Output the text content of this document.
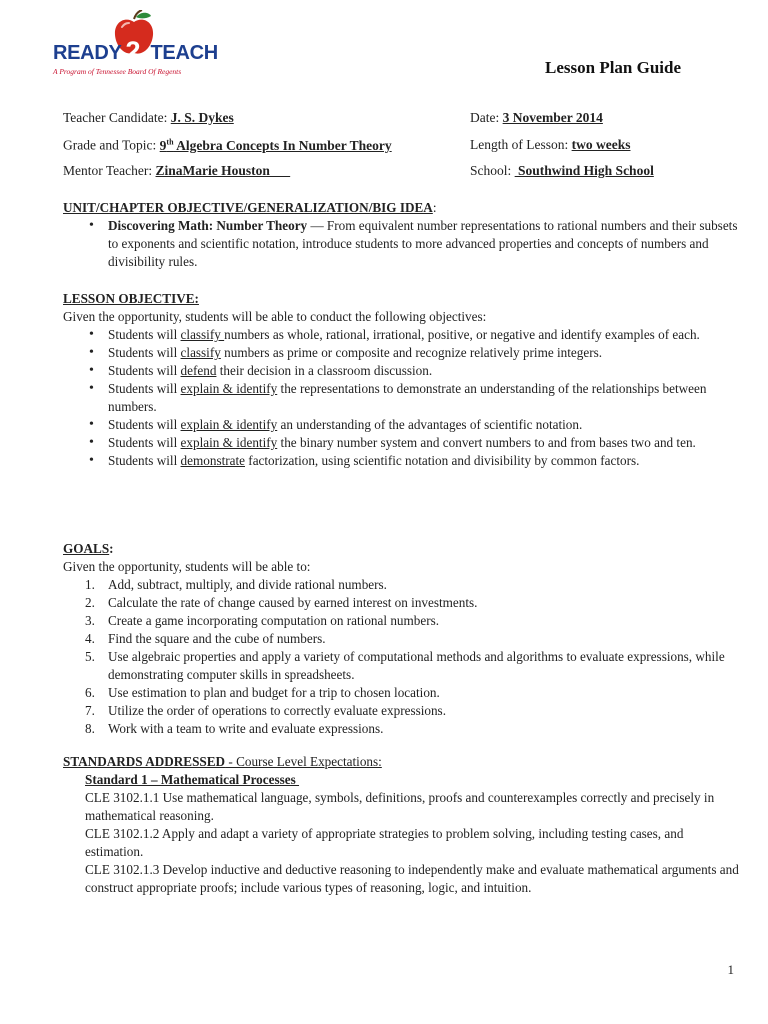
2
READY TEACH
A Program of Tennessee Board Of Regents	Lesson Plan Guide
Teacher Candidate: J. S. Dykes	Date: 3 November 2014
Grade and Topic: 9th Algebra Concepts In Number Theory	Length of Lesson: two weeks
Mentor Teacher: ZinaMarie Houston	School:  Southwind High School
UNIT/CHAPTER OBJECTIVE/GENERALIZATION/BIG IDEA:
• Discovering Math: Number Theory — From equivalent number representations to rational numbers and their subsets to exponents and scientific notation, introduce students to more advanced properties and concepts of numbers and divisibility rules.
LESSON OBJECTIVE:
Given the opportunity, students will be able to conduct the following objectives:
• Students will classify numbers as whole, rational, irrational, positive, or negative and identify examples of each.
• Students will classify numbers as prime or composite and recognize relatively prime integers.
• Students will defend their decision in a classroom discussion.
• Students will explain & identify the representations to demonstrate an understanding of the relationships between numbers.
• Students will explain & identify an understanding of the advantages of scientific notation.
• Students will explain & identify the binary number system and convert numbers to and from bases two and ten.
• Students will demonstrate factorization, using scientific notation and divisibility by common factors.
GOALS:
Given the opportunity, students will be able to:
1. Add, subtract, multiply, and divide rational numbers.
2. Calculate the rate of change caused by earned interest on investments.
3. Create a game incorporating computation on rational numbers.
4. Find the square and the cube of numbers.
5. Use algebraic properties and apply a variety of computational methods and algorithms to evaluate expressions, while demonstrating computer skills in spreadsheets.
6. Use estimation to plan and budget for a trip to chosen location.
7. Utilize the order of operations to correctly evaluate expressions.
8. Work with a team to write and evaluate expressions.
STANDARDS ADDRESSED - Course Level Expectations:
Standard 1 – Mathematical Processes
CLE 3102.1.1 Use mathematical language, symbols, definitions, proofs and counterexamples correctly and precisely in mathematical reasoning.
CLE 3102.1.2 Apply and adapt a variety of appropriate strategies to problem solving, including testing cases, and estimation.
CLE 3102.1.3 Develop inductive and deductive reasoning to independently make and evaluate mathematical arguments and construct appropriate proofs; include various types of reasoning, logic, and intuition.
1
